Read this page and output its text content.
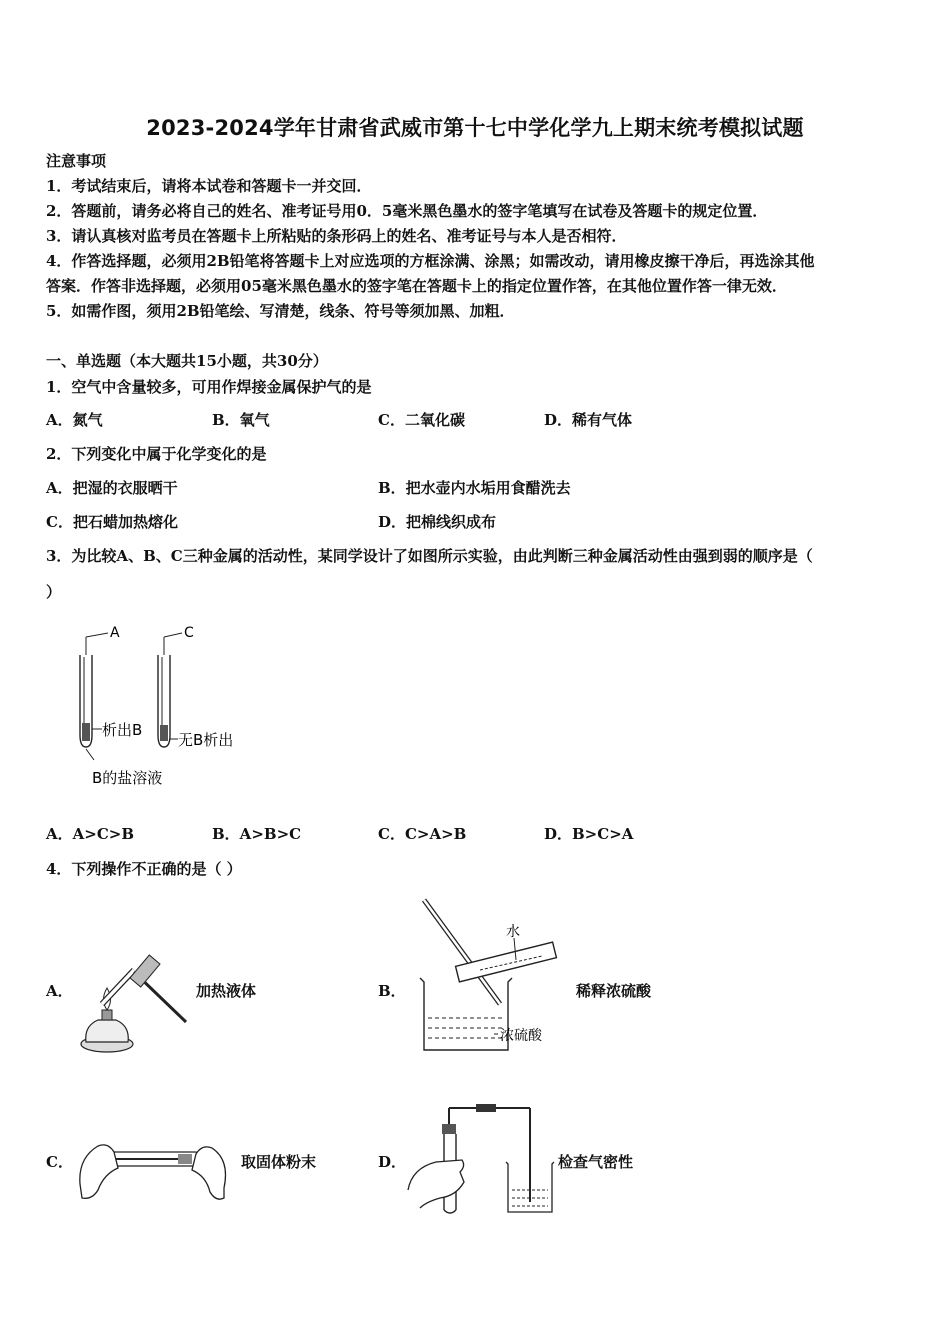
2023-2024学年甘肃省武威市第十七中学化学九上期末统考模拟试题
注意事项
1．考试结束后，请将本试卷和答题卡一并交回．
2．答题前，请务必将自己的姓名、准考证号用0．5毫米黑色墨水的签字笔填写在试卷及答题卡的规定位置．
3．请认真核对监考员在答题卡上所粘贴的条形码上的姓名、准考证号与本人是否相符．
4．作答选择题，必须用2B铅笔将答题卡上对应选项的方框涂满、涂黑；如需改动，请用橡皮擦干净后，再选涂其他
答案．作答非选择题，必须用05毫米黑色墨水的签字笔在答题卡上的指定位置作答，在其他位置作答一律无效．
5．如需作图，须用2B铅笔绘、写清楚，线条、符号等须加黑、加粗．
一、单选题（本大题共15小题，共30分）
1．空气中含量较多，可用作焊接金属保护气的是
A．氮气	B．氧气	C．二氧化碳	D．稀有气体
2．下列变化中属于化学变化的是
A．把湿的衣服晒干	B．把水壶内水垢用食醋洗去
C．把石蜡加热熔化	D．把棉线织成布
3．为比较A、B、C三种金属的活动性，某同学设计了如图所示实验，由此判断三种金属活动性由强到弱的顺序是（
）
A
析出B
C
无B析出
B的盐溶液
A．A>C>B	B．A>B>C	C．C>A>B	D．B>C>A
4．下列操作不正确的是（ ）
A．	加热液体	B．
水
浓硫酸
稀释浓硫酸
C．	取固体粉末	D．	检查气密性
